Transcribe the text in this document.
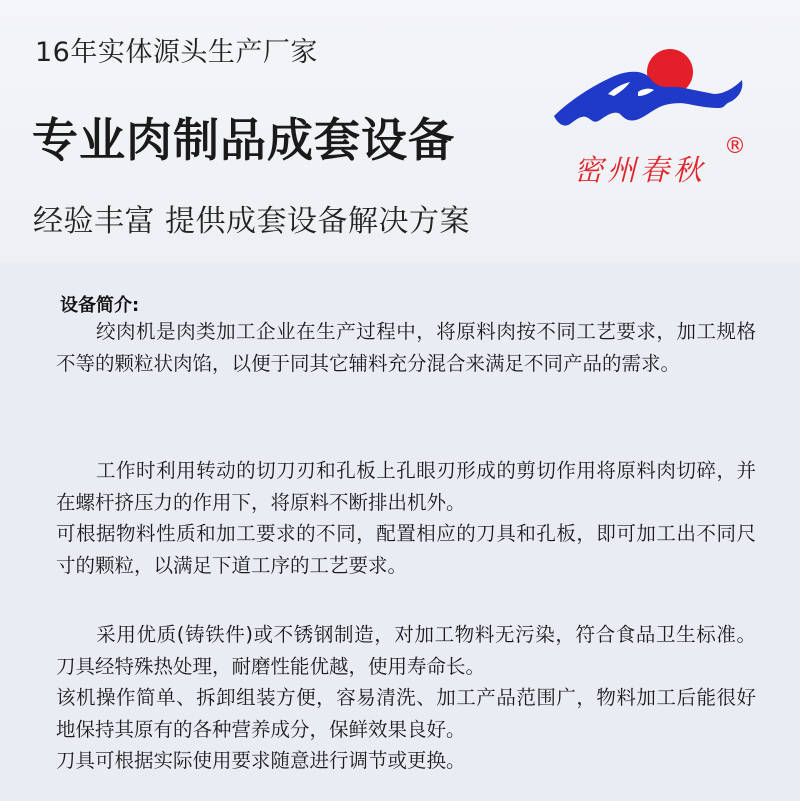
16年实体源头生产厂家
专业肉制品成套设备
经验丰富 提供成套设备解决方案
密州春秋
®
设备简介:
　　绞肉机是肉类加工企业在生产过程中，将原料肉按不同工艺要求，加工规格不等的颗粒状肉馅，以便于同其它辅料充分混合来满足不同产品的需求。
　　工作时利用转动的切刀刃和孔板上孔眼刃形成的剪切作用将原料肉切碎，并在螺杆挤压力的作用下，将原料不断排出机外。
可根据物料性质和加工要求的不同，配置相应的刀具和孔板，即可加工出不同尺寸的颗粒，以满足下道工序的工艺要求。
　　采用优质(铸铁件)或不锈钢制造，对加工物料无污染，符合食品卫生标准。 刀具经特殊热处理，耐磨性能优越，使用寿命长。
该机操作简单、拆卸组装方便，容易清洗、加工产品范围广，物料加工后能很好地保持其原有的各种营养成分，保鲜效果良好。
刀具可根据实际使用要求随意进行调节或更换。
